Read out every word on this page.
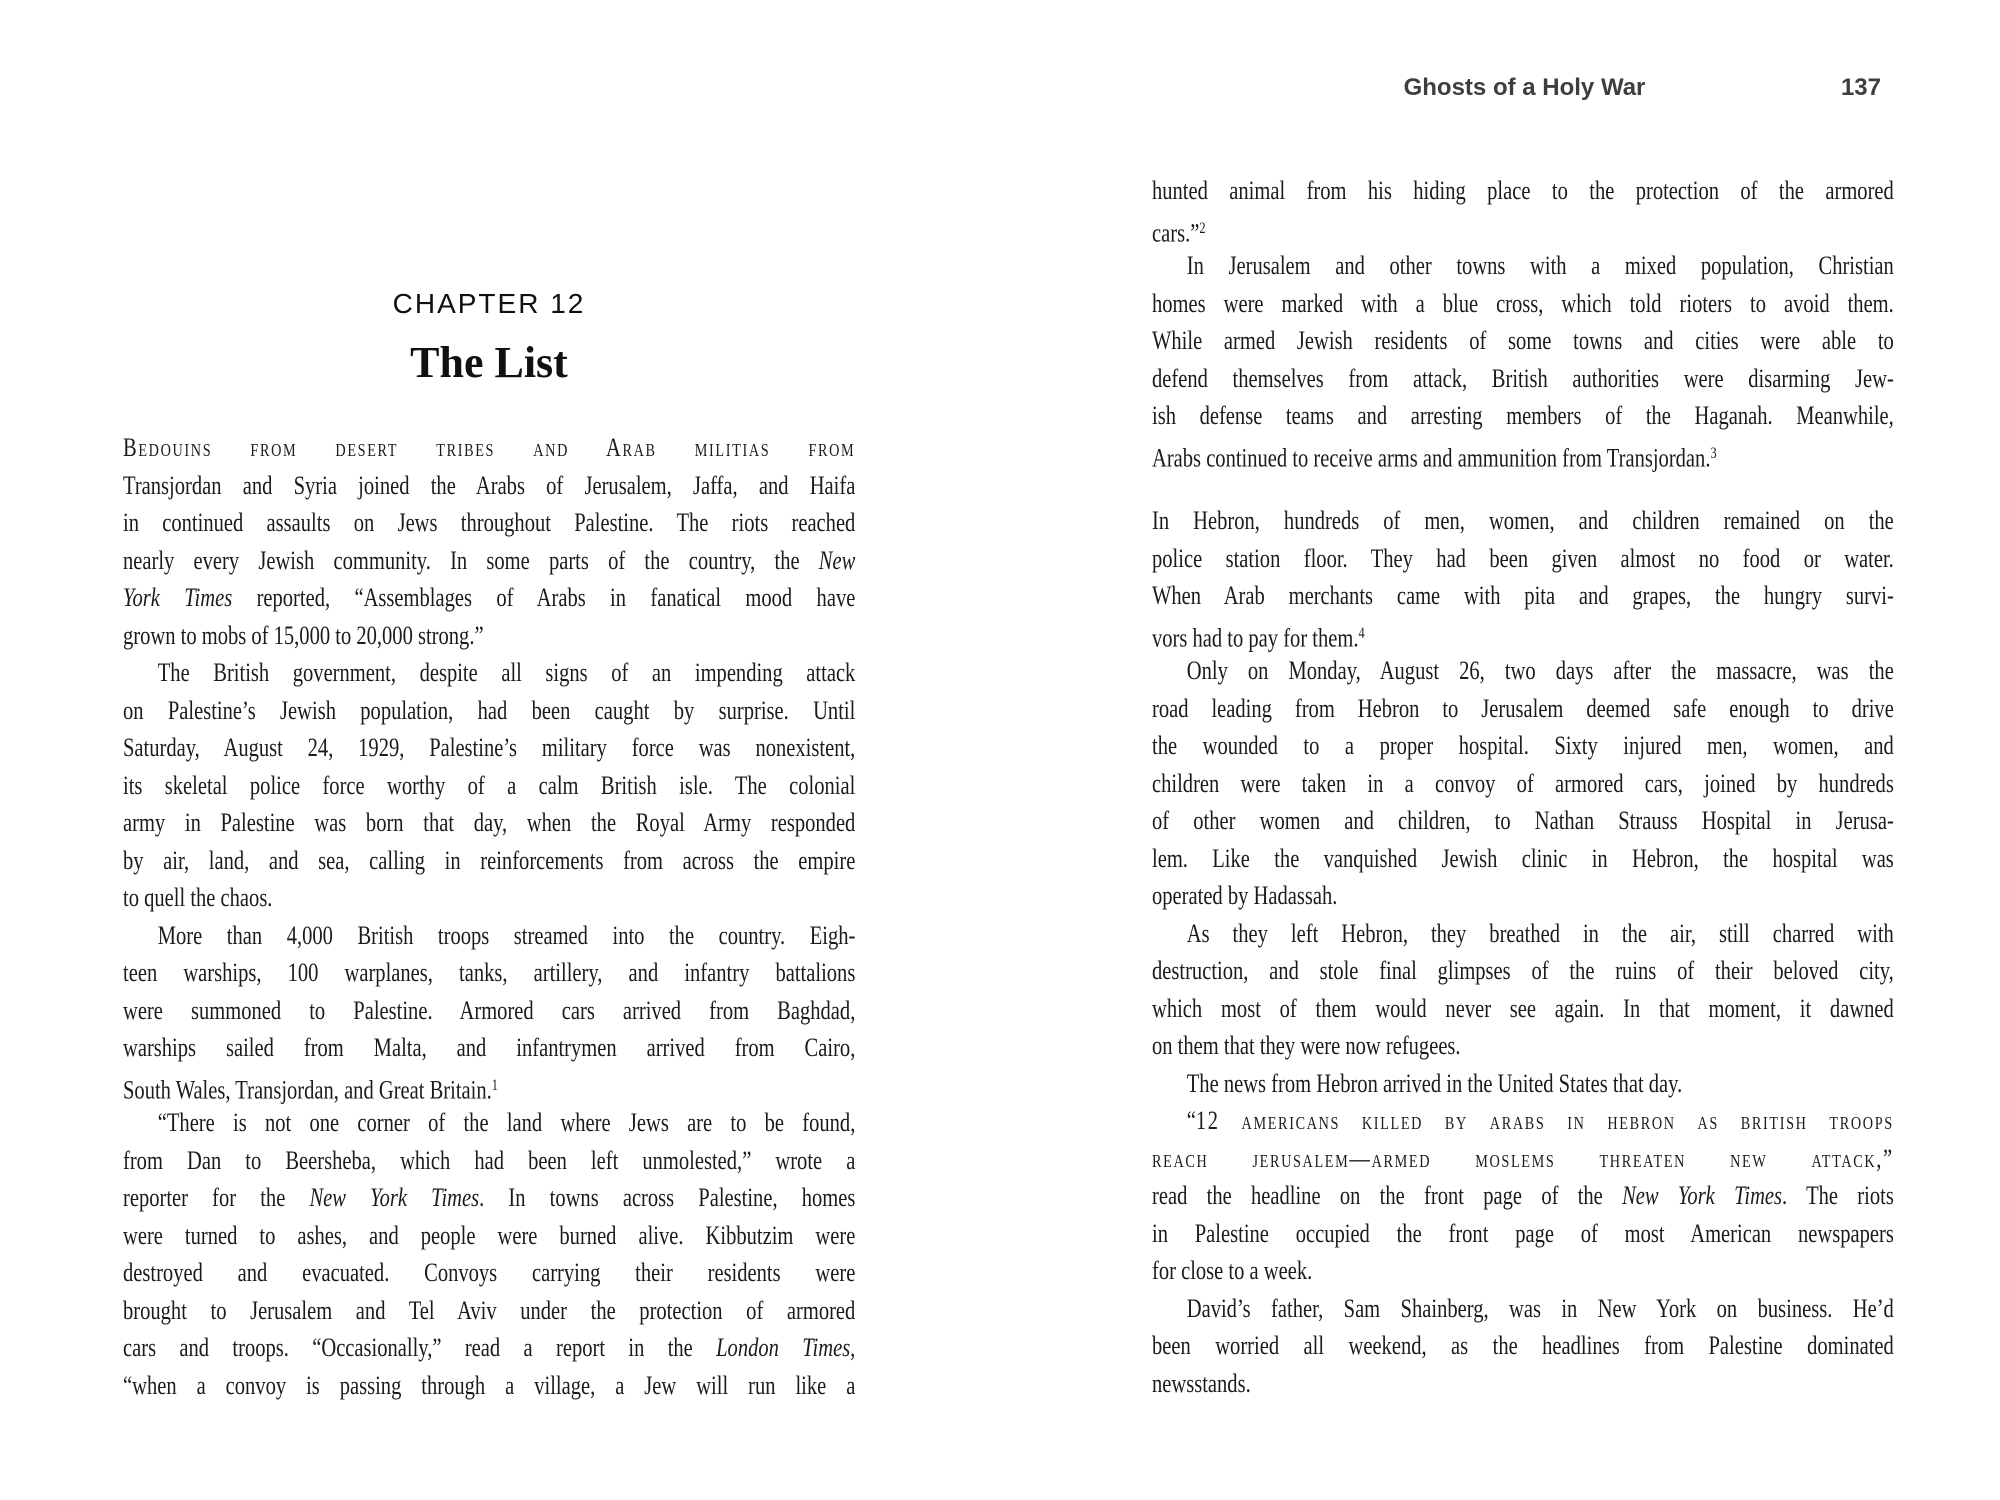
Ghosts of a Holy War	137
CHAPTER 12
The List
Bedouins from desert tribes and Arab militias from
Transjordan and Syria joined the Arabs of Jerusalem, Jaffa, and Haifa
in continued assaults on Jews throughout Palestine. The riots reached
nearly every Jewish community. In some parts of the country, the New
York Times reported, “Assemblages of Arabs in fanatical mood have
grown to mobs of 15,000 to 20,000 strong.”
The British government, despite all signs of an impending attack
on Palestine’s Jewish population, had been caught by surprise. Until
Saturday, August 24, 1929, Palestine’s military force was nonexistent,
its skeletal police force worthy of a calm British isle. The colonial
army in Palestine was born that day, when the Royal Army responded
by air, land, and sea, calling in reinforcements from across the empire
to quell the chaos.
More than 4,000 British troops streamed into the country. Eigh-
teen warships, 100 warplanes, tanks, artillery, and infantry battalions
were summoned to Palestine. Armored cars arrived from Baghdad,
warships sailed from Malta, and infantrymen arrived from Cairo,
South Wales, Transjordan, and Great Britain.$^1$
“There is not one corner of the land where Jews are to be found,
from Dan to Beersheba, which had been left unmolested,” wrote a
reporter for the New York Times. In towns across Palestine, homes
were turned to ashes, and people were burned alive. Kibbutzim were
destroyed and evacuated. Convoys carrying their residents were
brought to Jerusalem and Tel Aviv under the protection of armored
cars and troops. “Occasionally,” read a report in the London Times,
“when a convoy is passing through a village, a Jew will run like a
hunted animal from his hiding place to the protection of the armored
cars.”$^2$
In Jerusalem and other towns with a mixed population, Christian
homes were marked with a blue cross, which told rioters to avoid them.
While armed Jewish residents of some towns and cities were able to
defend themselves from attack, British authorities were disarming Jew-
ish defense teams and arresting members of the Haganah. Meanwhile,
Arabs continued to receive arms and ammunition from Transjordan.$^3$
In Hebron, hundreds of men, women, and children remained on the
police station floor. They had been given almost no food or water.
When Arab merchants came with pita and grapes, the hungry survi-
vors had to pay for them.$^4$
Only on Monday, August 26, two days after the massacre, was the
road leading from Hebron to Jerusalem deemed safe enough to drive
the wounded to a proper hospital. Sixty injured men, women, and
children were taken in a convoy of armored cars, joined by hundreds
of other women and children, to Nathan Strauss Hospital in Jerusa-
lem. Like the vanquished Jewish clinic in Hebron, the hospital was
operated by Hadassah.
As they left Hebron, they breathed in the air, still charred with
destruction, and stole final glimpses of the ruins of their beloved city,
which most of them would never see again. In that moment, it dawned
on them that they were now refugees.
The news from Hebron arrived in the United States that day.
“12 americans killed by arabs in hebron as british troops
reach jerusalem—armed moslems threaten new attack,”
read the headline on the front page of the New York Times. The riots
in Palestine occupied the front page of most American newspapers
for close to a week.
David’s father, Sam Shainberg, was in New York on business. He’d
been worried all weekend, as the headlines from Palestine dominated
newsstands.
